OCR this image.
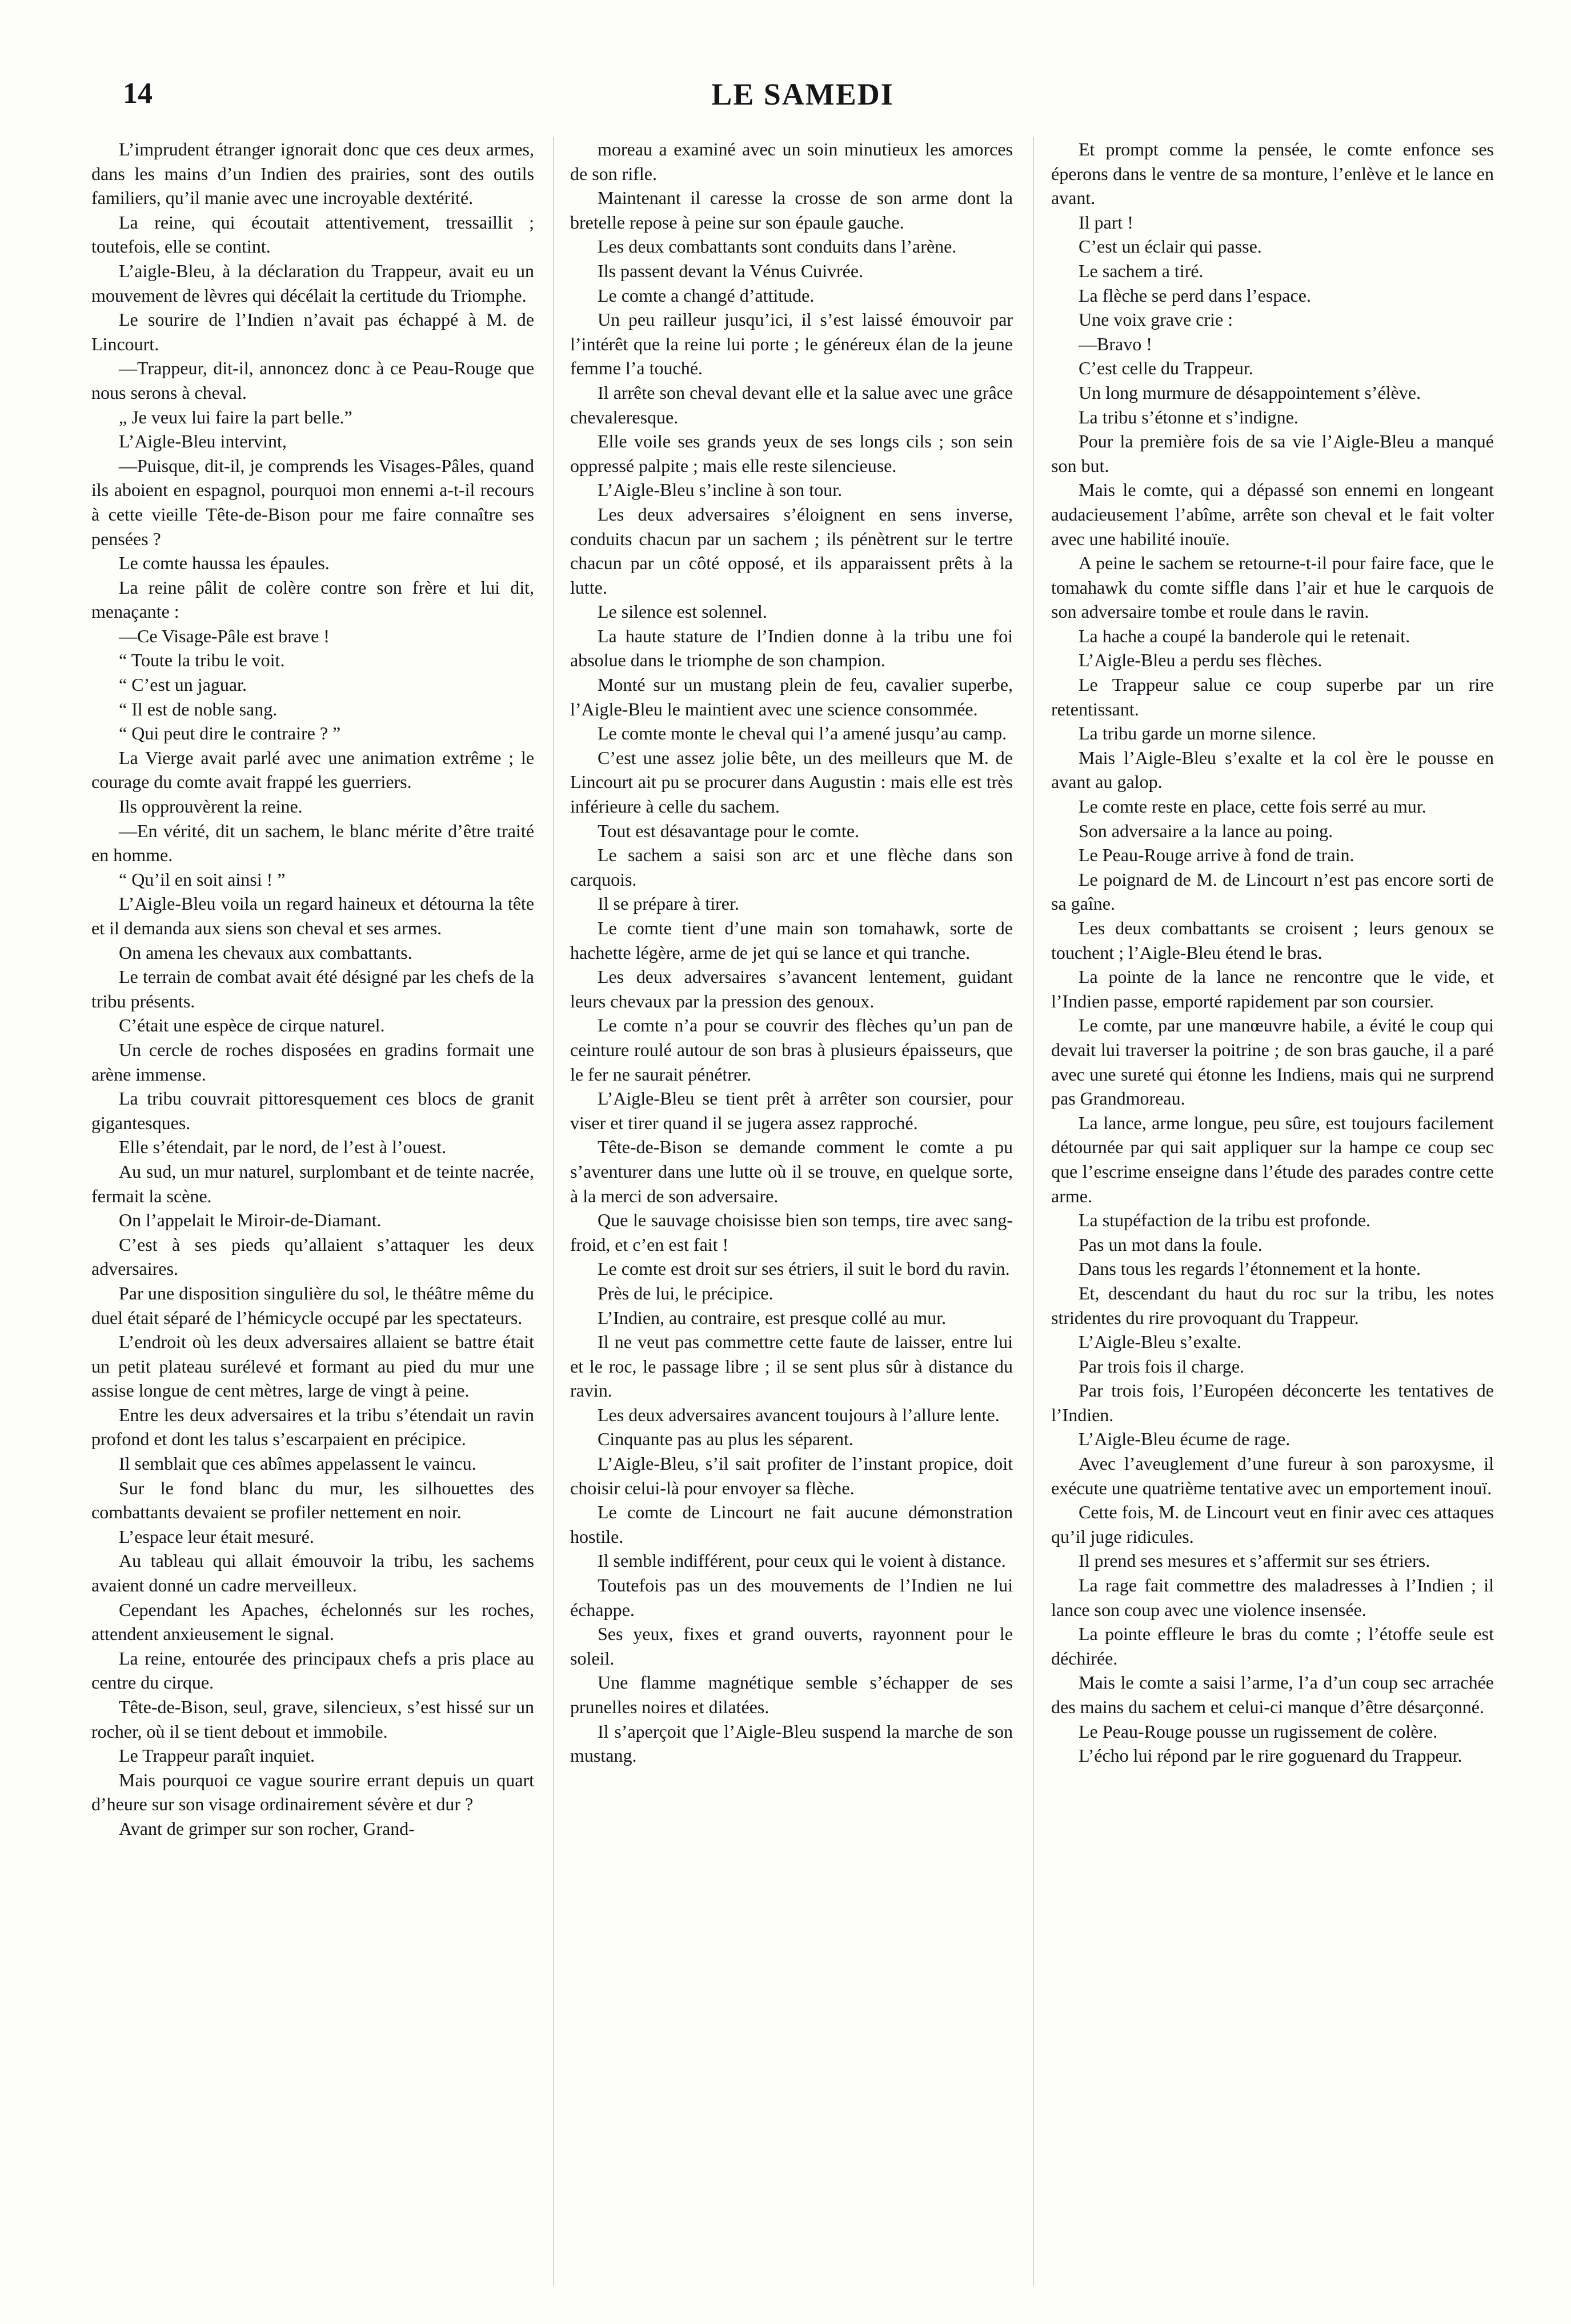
14	LE SAMEDI

L’imprudent étranger ignorait donc que ces deux armes, dans les mains d’un Indien des prairies, sont des outils familiers, qu’il manie avec une incroyable dextérité.

La reine, qui écoutait attentivement, tressaillit ; toutefois, elle se contint.

L’aigle-Bleu, à la déclaration du Trappeur, avait eu un mouvement de lèvres qui décélait la certitude du Triomphe.

Le sourire de l’Indien n’avait pas échappé à M. de Lincourt.

—Trappeur, dit-il, annoncez donc à ce Peau-Rouge que nous serons à cheval.

„ Je veux lui faire la part belle.”

L’Aigle-Bleu intervint,

—Puisque, dit-il, je comprends les Visages-Pâles, quand ils aboient en espagnol, pourquoi mon ennemi a-t-il recours à cette vieille Tête-de-Bison pour me faire connaître ses pensées ?

Le comte haussa les épaules.

La reine pâlit de colère contre son frère et lui dit, menaçante :

—Ce Visage-Pâle est brave !

“ Toute la tribu le voit.

“ C’est un jaguar.

“ Il est de noble sang.

“ Qui peut dire le contraire ? ”

La Vierge avait parlé avec une animation extrême ; le courage du comte avait frappé les guerriers.

Ils opprouvèrent la reine.

—En vérité, dit un sachem, le blanc mérite d’être traité en homme.

“ Qu’il en soit ainsi ! ”

L’Aigle-Bleu voila un regard haineux et détourna la tête et il demanda aux siens son cheval et ses armes.

On amena les chevaux aux combattants.

Le terrain de combat avait été désigné par les chefs de la tribu présents.

C’était une espèce de cirque naturel.

Un cercle de roches disposées en gradins formait une arène immense.

La tribu couvrait pittoresquement ces blocs de granit gigantesques.

Elle s’étendait, par le nord, de l’est à l’ouest.

Au sud, un mur naturel, surplombant et de teinte nacrée, fermait la scène.

On l’appelait le Miroir-de-Diamant.

C’est à ses pieds qu’allaient s’attaquer les deux adversaires.

Par une disposition singulière du sol, le théâtre même du duel était séparé de l’hémicycle occupé par les spectateurs.

L’endroit où les deux adversaires allaient se battre était un petit plateau surélevé et formant au pied du mur une assise longue de cent mètres, large de vingt à peine.

Entre les deux adversaires et la tribu s’étendait un ravin profond et dont les talus s’escarpaient en précipice.

Il semblait que ces abîmes appelassent le vaincu.

Sur le fond blanc du mur, les silhouettes des combattants devaient se profiler nettement en noir.

L’espace leur était mesuré.

Au tableau qui allait émouvoir la tribu, les sachems avaient donné un cadre merveilleux.

Cependant les Apaches, échelonnés sur les roches, attendent anxieusement le signal.

La reine, entourée des principaux chefs a pris place au centre du cirque.

Tête-de-Bison, seul, grave, silencieux, s’est hissé sur un rocher, où il se tient debout et immobile.

Le Trappeur paraît inquiet.

Mais pourquoi ce vague sourire errant depuis un quart d’heure sur son visage ordinairement sévère et dur ?

Avant de grimper sur son rocher, Grand-

moreau a examiné avec un soin minutieux les amorces de son rifle.

Maintenant il caresse la crosse de son arme dont la bretelle repose à peine sur son épaule gauche.

Les deux combattants sont conduits dans l’arène.

Ils passent devant la Vénus Cuivrée.

Le comte a changé d’attitude.

Un peu railleur jusqu’ici, il s’est laissé émouvoir par l’intérêt que la reine lui porte ; le généreux élan de la jeune femme l’a touché.

Il arrête son cheval devant elle et la salue avec une grâce chevaleresque.

Elle voile ses grands yeux de ses longs cils ; son sein oppressé palpite ; mais elle reste silencieuse.

L’Aigle-Bleu s’incline à son tour.

Les deux adversaires s’éloignent en sens inverse, conduits chacun par un sachem ; ils pénètrent sur le tertre chacun par un côté opposé, et ils apparaissent prêts à la lutte.

Le silence est solennel.

La haute stature de l’Indien donne à la tribu une foi absolue dans le triomphe de son champion.

Monté sur un mustang plein de feu, cavalier superbe, l’Aigle-Bleu le maintient avec une science consommée.

Le comte monte le cheval qui l’a amené jusqu’au camp.

C’est une assez jolie bête, un des meilleurs que M. de Lincourt ait pu se procurer dans Augustin : mais elle est très inférieure à celle du sachem.

Tout est désavantage pour le comte.

Le sachem a saisi son arc et une flèche dans son carquois.

Il se prépare à tirer.

Le comte tient d’une main son tomahawk, sorte de hachette légère, arme de jet qui se lance et qui tranche.

Les deux adversaires s’avancent lentement, guidant leurs chevaux par la pression des genoux.

Le comte n’a pour se couvrir des flèches qu’un pan de ceinture roulé autour de son bras à plusieurs épaisseurs, que le fer ne saurait pénétrer.

L’Aigle-Bleu se tient prêt à arrêter son coursier, pour viser et tirer quand il se jugera assez rapproché.

Tête-de-Bison se demande comment le comte a pu s’aventurer dans une lutte où il se trouve, en quelque sorte, à la merci de son adversaire.

Que le sauvage choisisse bien son temps, tire avec sang-froid, et c’en est fait !

Le comte est droit sur ses étriers, il suit le bord du ravin.

Près de lui, le précipice.

L’Indien, au contraire, est presque collé au mur.

Il ne veut pas commettre cette faute de laisser, entre lui et le roc, le passage libre ; il se sent plus sûr à distance du ravin.

Les deux adversaires avancent toujours à l’allure lente.

Cinquante pas au plus les séparent.

L’Aigle-Bleu, s’il sait profiter de l’instant propice, doit choisir celui-là pour envoyer sa flèche.

Le comte de Lincourt ne fait aucune démonstration hostile.

Il semble indifférent, pour ceux qui le voient à distance.

Toutefois pas un des mouvements de l’Indien ne lui échappe.

Ses yeux, fixes et grand ouverts, rayonnent pour le soleil.

Une flamme magnétique semble s’échapper de ses prunelles noires et dilatées.

Il s’aperçoit que l’Aigle-Bleu suspend la marche de son mustang.

Et prompt comme la pensée, le comte enfonce ses éperons dans le ventre de sa monture, l’enlève et le lance en avant.

Il part !

C’est un éclair qui passe.

Le sachem a tiré.

La flèche se perd dans l’espace.

Une voix grave crie :

—Bravo !

C’est celle du Trappeur.

Un long murmure de désappointement s’élève.

La tribu s’étonne et s’indigne.

Pour la première fois de sa vie l’Aigle-Bleu a manqué son but.

Mais le comte, qui a dépassé son ennemi en longeant audacieusement l’abîme, arrête son cheval et le fait volter avec une habilité inouïe.

A peine le sachem se retourne-t-il pour faire face, que le tomahawk du comte siffle dans l’air et hue le carquois de son adversaire tombe et roule dans le ravin.

La hache a coupé la banderole qui le retenait.

L’Aigle-Bleu a perdu ses flèches.

Le Trappeur salue ce coup superbe par un rire retentissant.

La tribu garde un morne silence.

Mais l’Aigle-Bleu s’exalte et la col ère le pousse en avant au galop.

Le comte reste en place, cette fois serré au mur.

Son adversaire a la lance au poing.

Le Peau-Rouge arrive à fond de train.

Le poignard de M. de Lincourt n’est pas encore sorti de sa gaîne.

Les deux combattants se croisent ; leurs genoux se touchent ; l’Aigle-Bleu étend le bras.

La pointe de la lance ne rencontre que le vide, et l’Indien passe, emporté rapidement par son coursier.

Le comte, par une manœuvre habile, a évité le coup qui devait lui traverser la poitrine ; de son bras gauche, il a paré avec une sureté qui étonne les Indiens, mais qui ne surprend pas Grandmoreau.

La lance, arme longue, peu sûre, est toujours facilement détournée par qui sait appliquer sur la hampe ce coup sec que l’escrime enseigne dans l’étude des parades contre cette arme.

La stupéfaction de la tribu est profonde.

Pas un mot dans la foule.

Dans tous les regards l’étonnement et la honte.

Et, descendant du haut du roc sur la tribu, les notes stridentes du rire provoquant du Trappeur.

L’Aigle-Bleu s’exalte.

Par trois fois il charge.

Par trois fois, l’Européen déconcerte les tentatives de l’Indien.

L’Aigle-Bleu écume de rage.

Avec l’aveuglement d’une fureur à son paroxysme, il exécute une quatrième tentative avec un emportement inouï.

Cette fois, M. de Lincourt veut en finir avec ces attaques qu’il juge ridicules.

Il prend ses mesures et s’affermit sur ses étriers.

La rage fait commettre des maladresses à l’Indien ; il lance son coup avec une violence insensée.

La pointe effleure le bras du comte ; l’étoffe seule est déchirée.

Mais le comte a saisi l’arme, l’a d’un coup sec arrachée des mains du sachem et celui-ci manque d’être désarçonné.

Le Peau-Rouge pousse un rugissement de colère.

L’écho lui répond par le rire goguenard du Trappeur.
